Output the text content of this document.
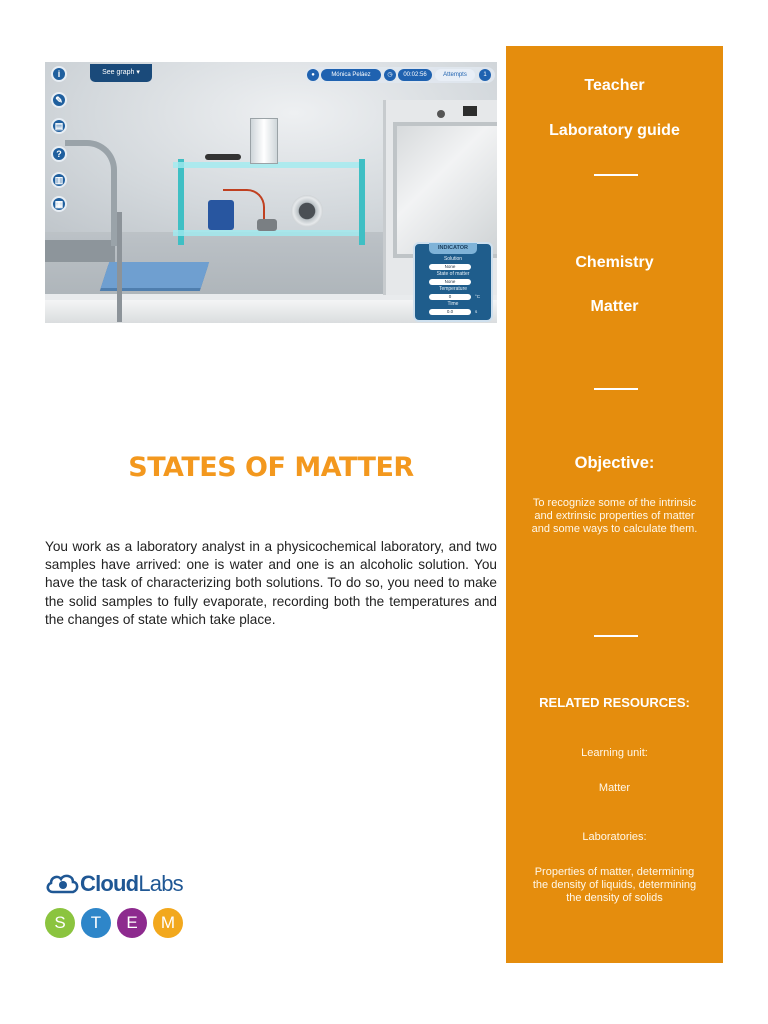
i
✎
▤
?
▥
▦
See graph ▾	●	Mónica Peláez	◷	00:02:56	Attempts	1
INDICATOR
Solution
None
State of matter
None
Temperature
0	°C
Time
0.0	s
STATES OF MATTER
You work as a laboratory analyst in a physicochemical laboratory, and two samples have arrived: one is water and one is an alcoholic solution. You have the task of characterizing both solutions. To do so, you need to make the solid samples to fully evaporate, recording both the temperatures and the changes of state which take place.
CloudLabs
S	T	E	M
Teacher
Laboratory guide
Chemistry
Matter
Objective:
To recognize some of the intrinsic and extrinsic properties of matter and some ways to calculate them.
RELATED RESOURCES:
Learning unit:
Matter
Laboratories:
Properties of matter, determining the density of liquids, determining the density of solids
